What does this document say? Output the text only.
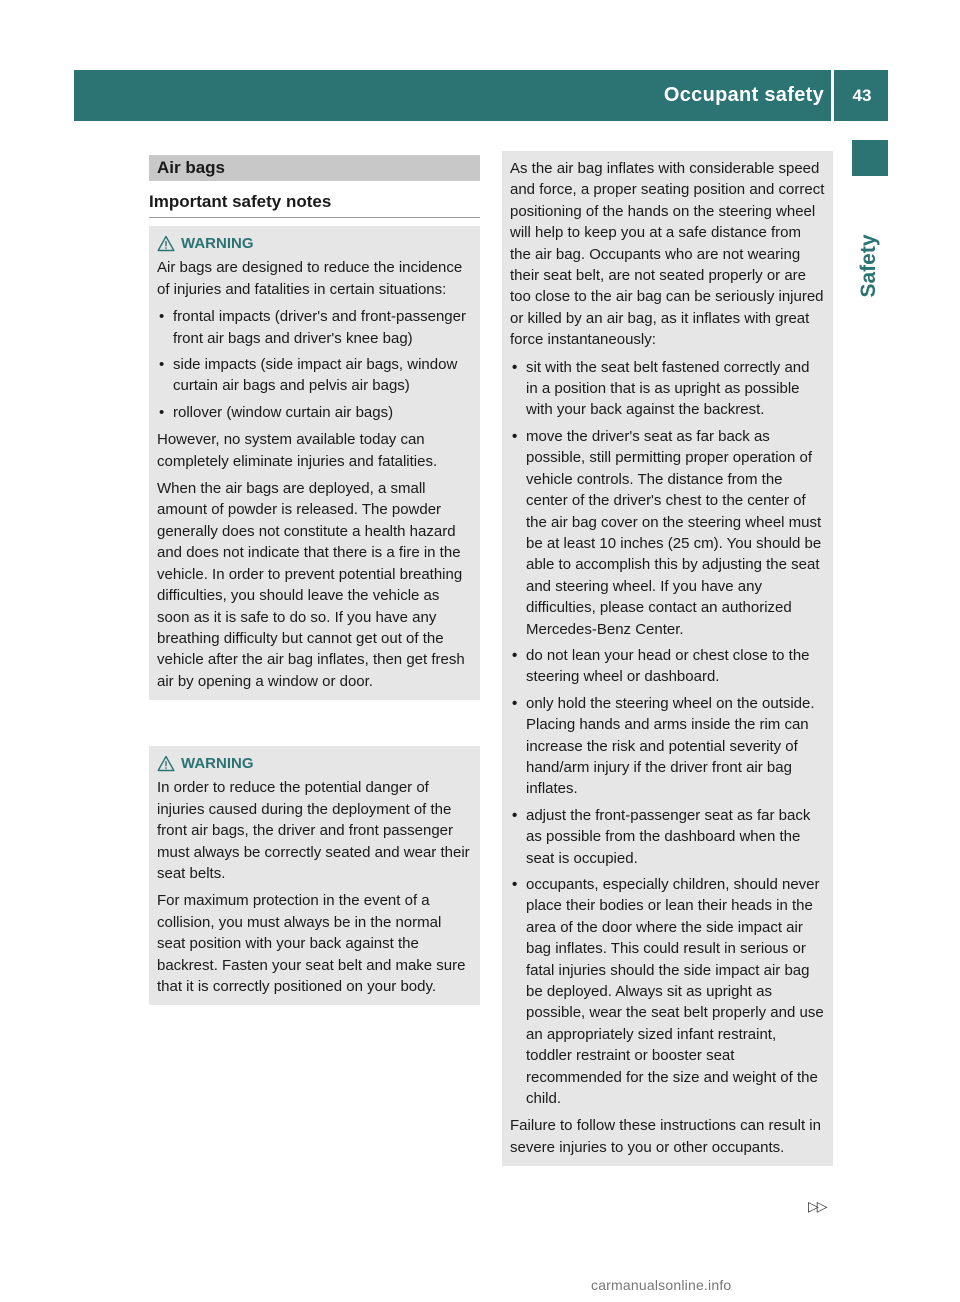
Occupant safety	43
Safety
Air bags
Important safety notes
WARNING

Air bags are designed to reduce the incidence of injuries and fatalities in certain situations:

• frontal impacts (driver's and front-passenger front air bags and driver's knee bag)
• side impacts (side impact air bags, window curtain air bags and pelvis air bags)
• rollover (window curtain air bags)

However, no system available today can completely eliminate injuries and fatalities.

When the air bags are deployed, a small amount of powder is released. The powder generally does not constitute a health hazard and does not indicate that there is a fire in the vehicle. In order to prevent potential breathing difficulties, you should leave the vehicle as soon as it is safe to do so. If you have any breathing difficulty but cannot get out of the vehicle after the air bag inflates, then get fresh air by opening a window or door.

WARNING

In order to reduce the potential danger of injuries caused during the deployment of the front air bags, the driver and front passenger must always be correctly seated and wear their seat belts.

For maximum protection in the event of a collision, you must always be in the normal seat position with your back against the backrest. Fasten your seat belt and make sure that it is correctly positioned on your body.

As the air bag inflates with considerable speed and force, a proper seating position and correct positioning of the hands on the steering wheel will help to keep you at a safe distance from the air bag. Occupants who are not wearing their seat belt, are not seated properly or are too close to the air bag can be seriously injured or killed by an air bag, as it inflates with great force instantaneously:

• sit with the seat belt fastened correctly and in a position that is as upright as possible with your back against the backrest.
• move the driver's seat as far back as possible, still permitting proper operation of vehicle controls. The distance from the center of the driver's chest to the center of the air bag cover on the steering wheel must be at least 10 inches (25 cm). You should be able to accomplish this by adjusting the seat and steering wheel. If you have any difficulties, please contact an authorized Mercedes-Benz Center.
• do not lean your head or chest close to the steering wheel or dashboard.
• only hold the steering wheel on the outside. Placing hands and arms inside the rim can increase the risk and potential severity of hand/arm injury if the driver front air bag inflates.
• adjust the front-passenger seat as far back as possible from the dashboard when the seat is occupied.
• occupants, especially children, should never place their bodies or lean their heads in the area of the door where the side impact air bag inflates. This could result in serious or fatal injuries should the side impact air bag be deployed. Always sit as upright as possible, wear the seat belt properly and use an appropriately sized infant restraint, toddler restraint or booster seat recommended for the size and weight of the child.

Failure to follow these instructions can result in severe injuries to you or other occupants.

▷▷
carmanualsonline.info
